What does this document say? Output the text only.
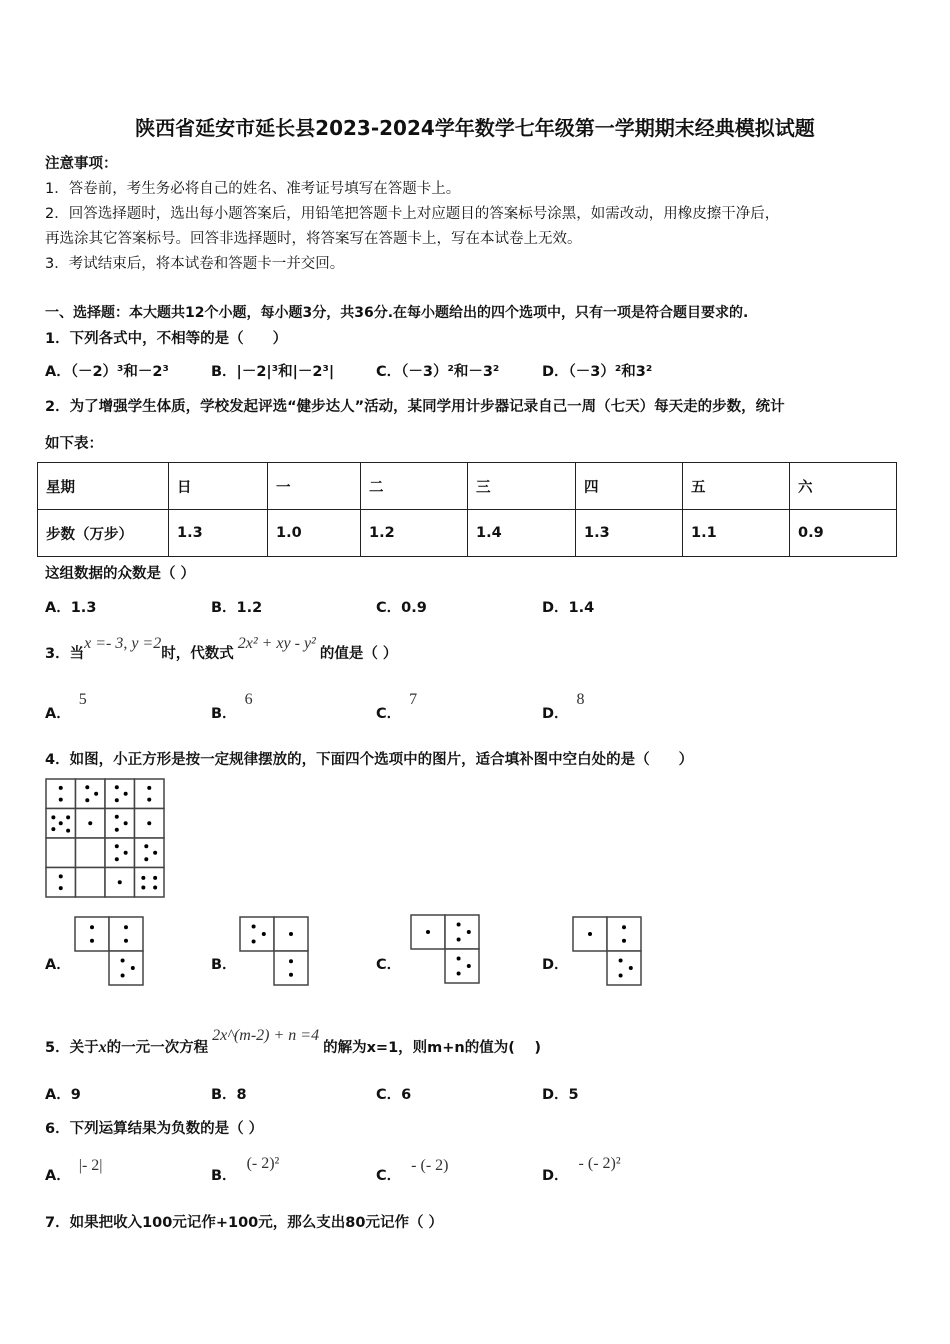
陕西省延安市延长县2023-2024学年数学七年级第一学期期末经典模拟试题
注意事项：
1．答卷前，考生务必将自己的姓名、准考证号填写在答题卡上。
2．回答选择题时，选出每小题答案后，用铅笔把答题卡上对应题目的答案标号涂黑，如需改动，用橡皮擦干净后，
再选涂其它答案标号。回答非选择题时，将答案写在答题卡上，写在本试卷上无效。
3．考试结束后，将本试卷和答题卡一并交回。
一、选择题：本大题共12个小题，每小题3分，共36分.在每小题给出的四个选项中，只有一项是符合题目要求的.
1．下列各式中，不相等的是（　　）
A．（－2）³和－2³	B．|－2|³和|－2³|	C．（－3）²和－3²	D．（－3）²和3²
2．为了增强学生体质，学校发起评选“健步达人”活动，某同学用计步器记录自己一周（七天）每天走的步数，统计
如下表：
星期	日	一	二	三	四	五	六
步数（万步）	1.3	1.0	1.2	1.4	1.3	1.1	0.9
这组数据的众数是（ ）
A．1.3	B．1.2	C．0.9	D．1.4
3．当x =- 3, y =2时，代数式2x² + xy - y²的值是（ ）
A．5
B．6
C．7
D．8
4．如图，小正方形是按一定规律摆放的，下面四个选项中的图片，适合填补图中空白处的是（　　）
A．	B．	C．	D．
5．关于x的一元一次方程2x^(m-2) + n =4的解为x=1，则m+n的值为(　 )
A．9	B．8	C．6	D．5
6．下列运算结果为负数的是（ ）
A．|- 2|
B．(- 2)²
C．- (- 2)
D．- (- 2)²
7．如果把收入100元记作+100元，那么支出80元记作（ ）
